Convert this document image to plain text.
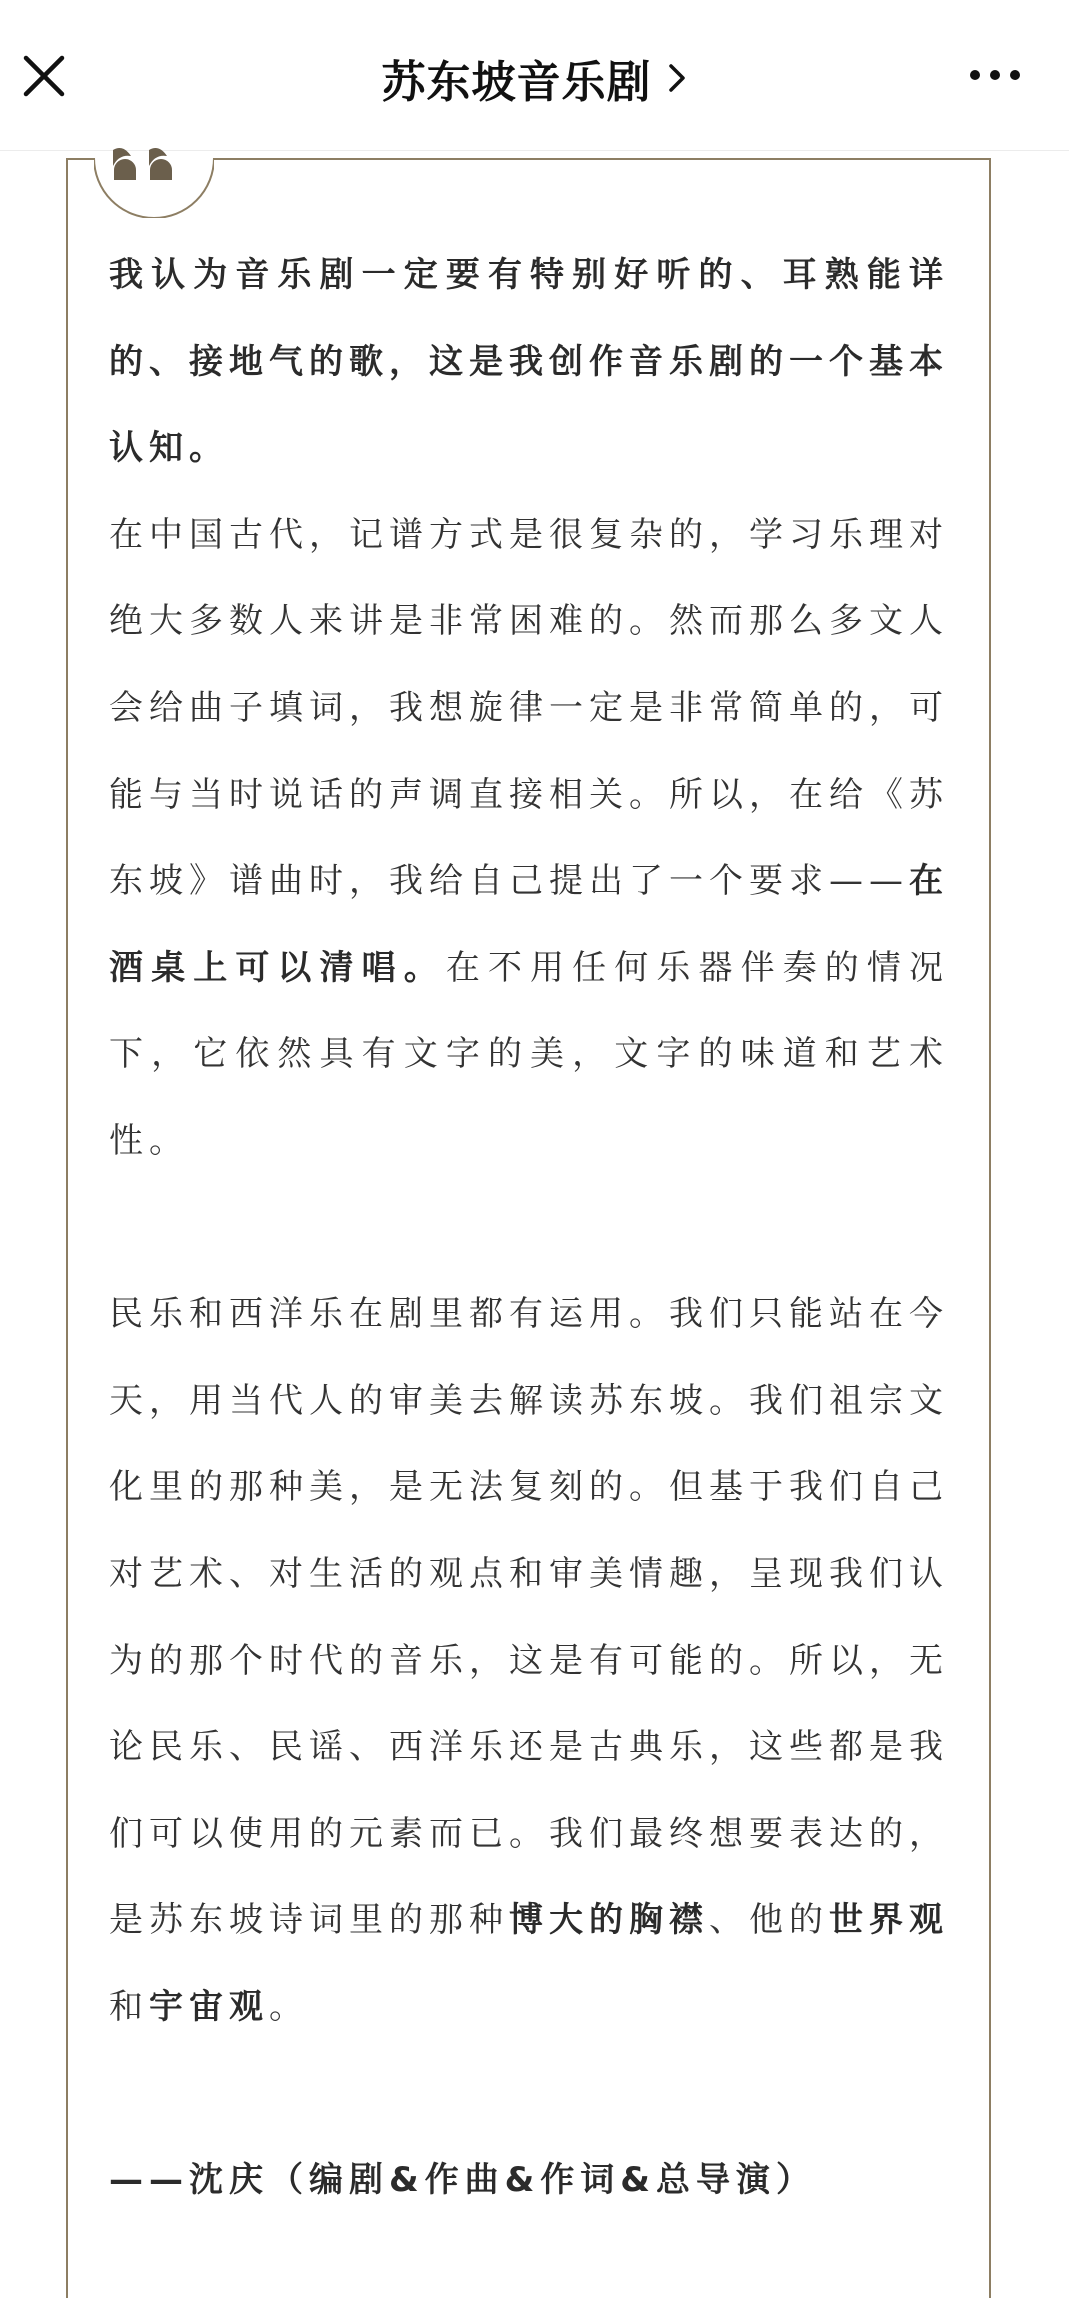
苏东坡音乐剧

我认为音乐剧一定要有特别好听的、耳熟能详的、接地气的歌，这是我创作音乐剧的一个基本认知。

在中国古代，记谱方式是很复杂的，学习乐理对绝大多数人来讲是非常困难的。然而那么多文人会给曲子填词，我想旋律一定是非常简单的，可能与当时说话的声调直接相关。所以，在给《苏东坡》谱曲时，我给自己提出了一个要求——在酒桌上可以清唱。在不用任何乐器伴奏的情况下，它依然具有文字的美，文字的味道和艺术性。

民乐和西洋乐在剧里都有运用。我们只能站在今天，用当代人的审美去解读苏东坡。我们祖宗文化里的那种美，是无法复刻的。但基于我们自己对艺术、对生活的观点和审美情趣，呈现我们认为的那个时代的音乐，这是有可能的。所以，无论民乐、民谣、西洋乐还是古典乐，这些都是我们可以使用的元素而已。我们最终想要表达的，是苏东坡诗词里的那种博大的胸襟、他的世界观和宇宙观。

——沈庆（编剧&作曲&作词&总导演）
